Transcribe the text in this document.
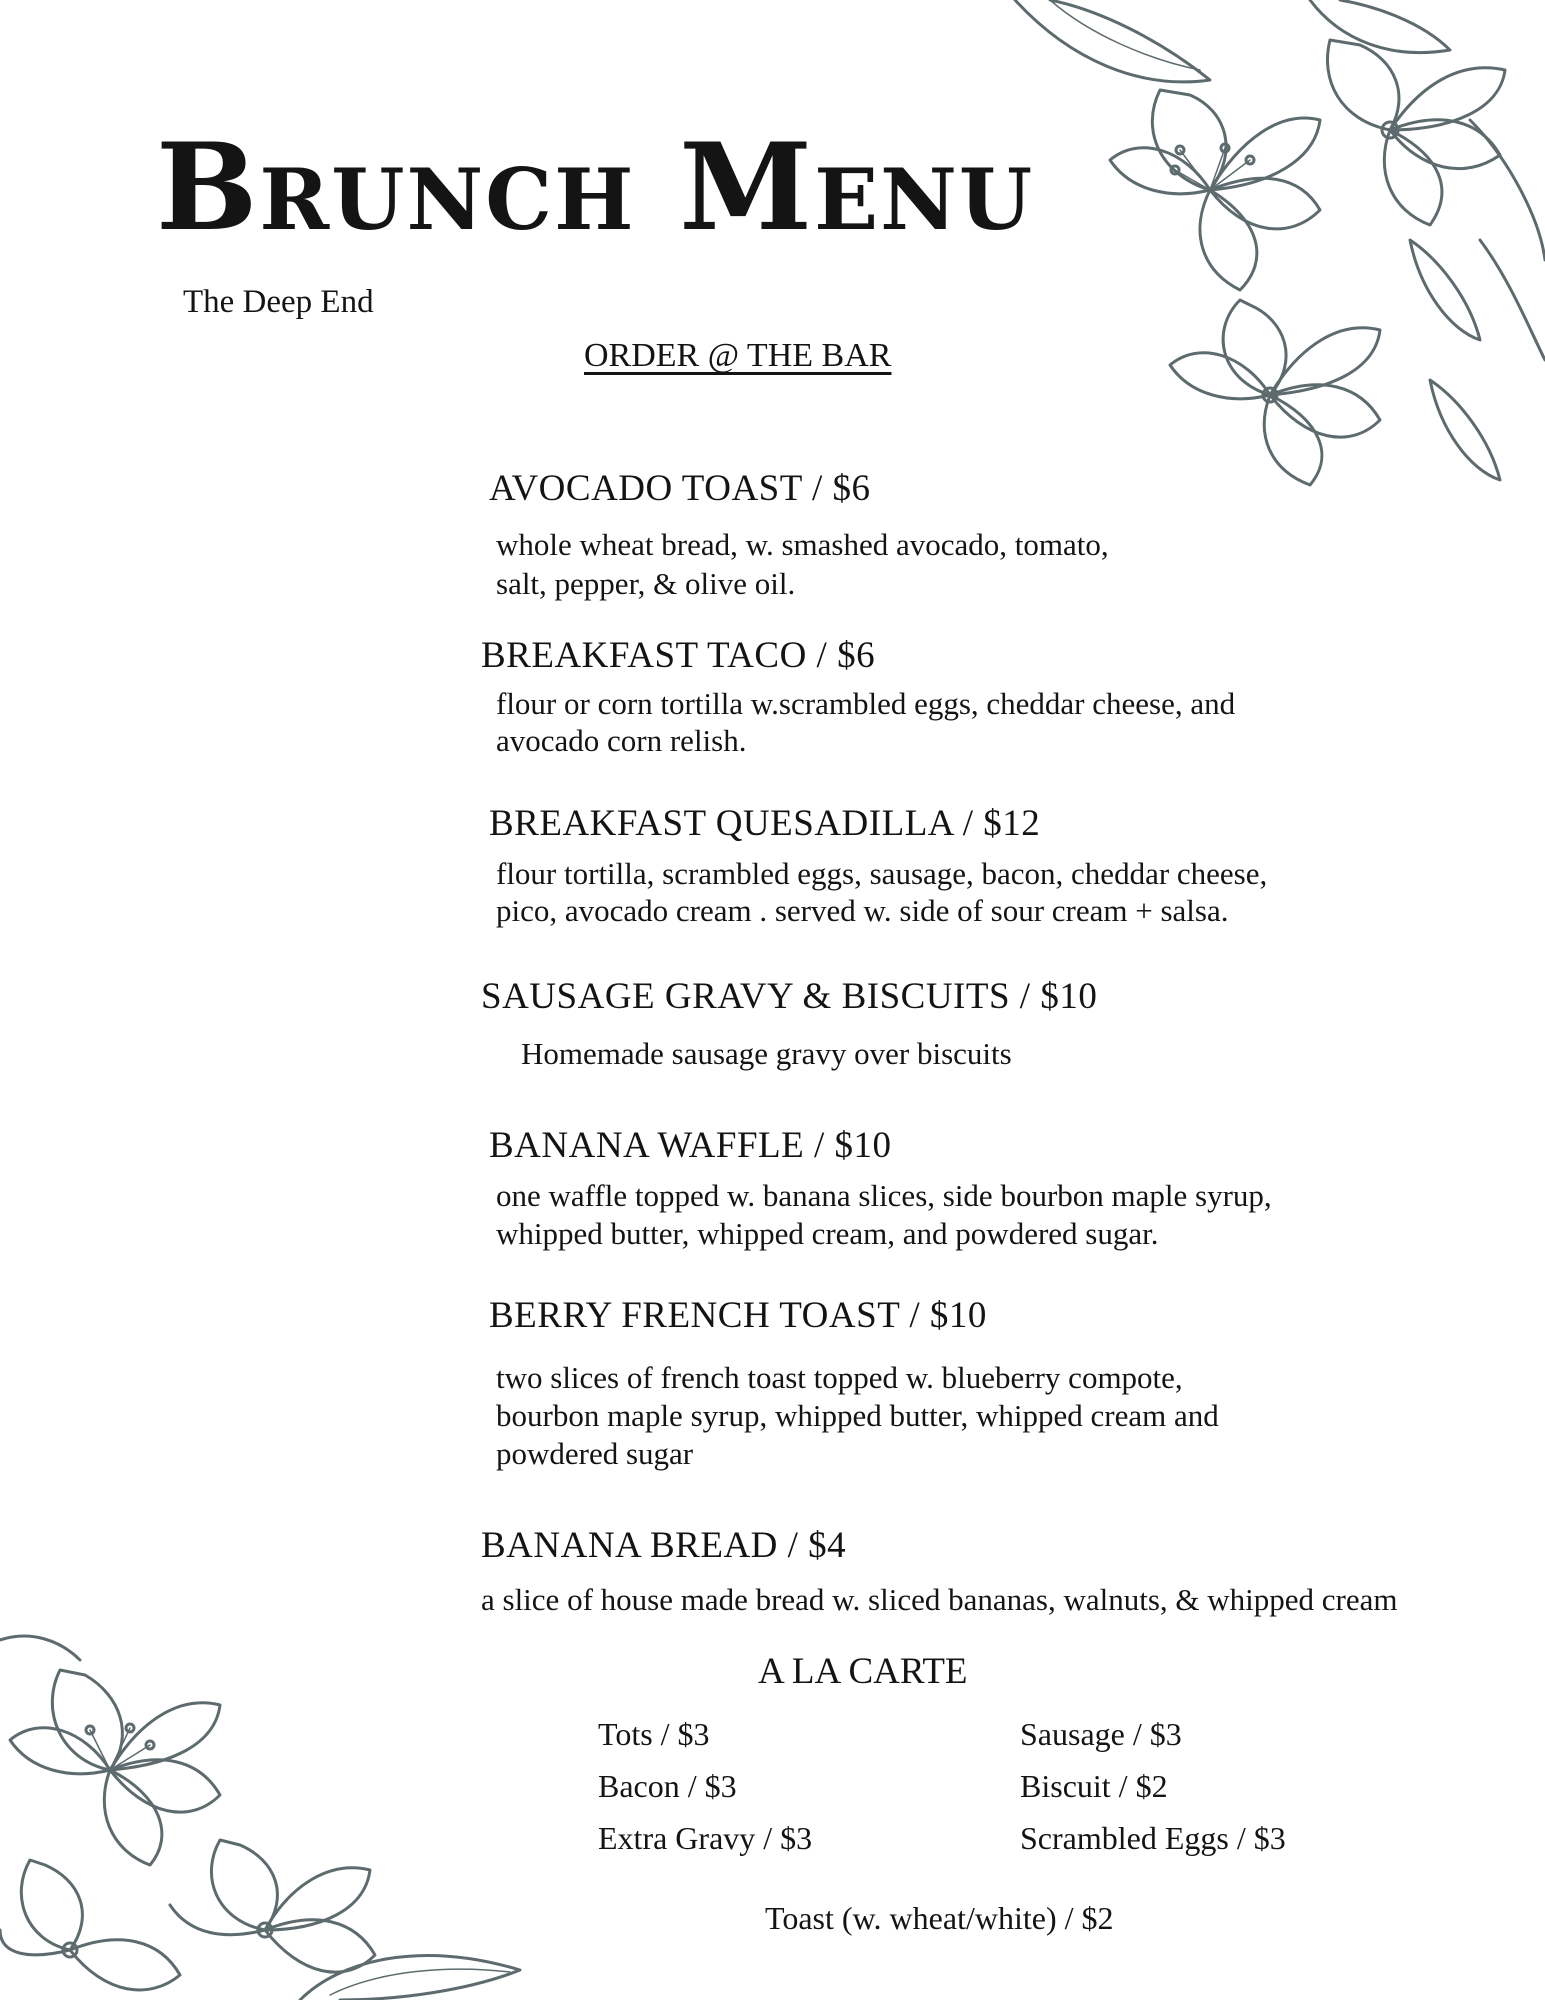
Brunch Menu
The Deep End
ORDER @ THE BAR
AVOCADO TOAST / $6
whole wheat bread, w. smashed avocado, tomato,
salt, pepper, & olive oil.
BREAKFAST TACO / $6
flour or corn tortilla w.scrambled eggs, cheddar cheese, and
avocado corn relish.
BREAKFAST QUESADILLA / $12
flour tortilla, scrambled eggs, sausage, bacon, cheddar cheese,
pico, avocado cream . served w. side of sour cream + salsa.
SAUSAGE GRAVY & BISCUITS / $10
Homemade sausage gravy over biscuits
BANANA WAFFLE / $10
one waffle topped w. banana slices, side bourbon maple syrup,
whipped butter, whipped cream, and powdered sugar.
BERRY FRENCH TOAST / $10
two slices of french toast topped w. blueberry compote,
bourbon maple syrup, whipped butter, whipped cream and
powdered sugar
BANANA BREAD / $4
a slice of house made bread w. sliced bananas, walnuts, & whipped cream
A LA CARTE
Tots / $3
Bacon / $3
Extra Gravy / $3
Sausage / $3
Biscuit / $2
Scrambled Eggs / $3
Toast (w. wheat/white) / $2
